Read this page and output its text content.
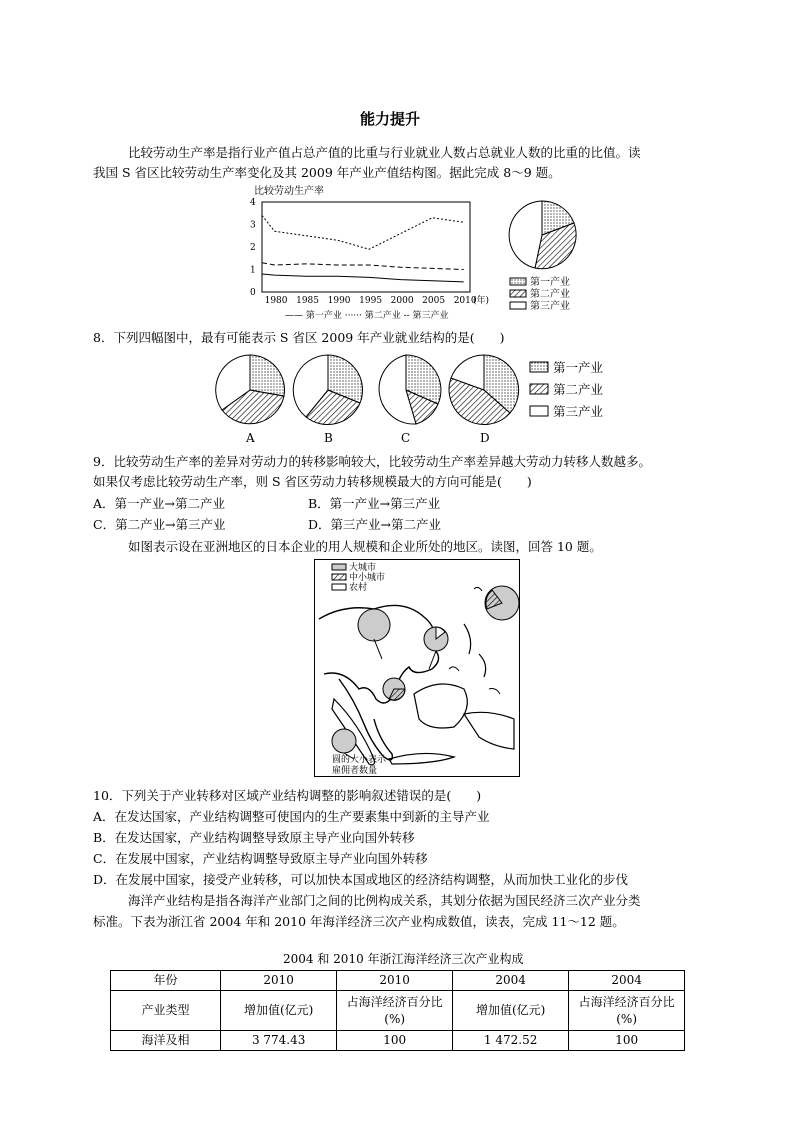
能力提升
比较劳动生产率是指行业产值占总产值的比重与行业就业人数占总就业人数的比重的比值。读
我国 S 省区比较劳动生产率变化及其 2009 年产业产值结构图。据此完成 8～9 题。
比较劳动生产率
4
3
2
1
0
1980 1985 1990 1995 2000 2005 2010
(年)
—— 第一产业 ······ 第二产业 -- 第三产业
第一产业
第二产业
第三产业
8．下列四幅图中，最有可能表示 S 省区 2009 年产业就业结构的是(　　)
A	B	C	D
第一产业
第二产业
第三产业
9．比较劳动生产率的差异对劳动力的转移影响较大，比较劳动生产率差异越大劳动力转移人数越多。
如果仅考虑比较劳动生产率，则 S 省区劳动力转移规模最大的方向可能是(　　)
A．第一产业→第二产业	B．第一产业→第三产业
C．第二产业→第三产业	D．第三产业→第二产业
如图表示设在亚洲地区的日本企业的用人规模和企业所处的地区。读图，回答 10 题。
大城市
中小城市
农村
圆的大小表示
雇佣者数量
10．下列关于产业转移对区域产业结构调整的影响叙述错误的是(　　)
A．在发达国家，产业结构调整可使国内的生产要素集中到新的主导产业
B．在发达国家，产业结构调整导致原主导产业向国外转移
C．在发展中国家，产业结构调整导致原主导产业向国外转移
D．在发展中国家，接受产业转移，可以加快本国或地区的经济结构调整，从而加快工业化的步伐
海洋产业结构是指各海洋产业部门之间的比例构成关系，其划分依据为国民经济三次产业分类
标准。下表为浙江省 2004 年和 2010 年海洋经济三次产业构成数值，读表，完成 11～12 题。
2004 和 2010 年浙江海洋经济三次产业构成
年份	2010	2010	2004	2004
产业类型	增加值(亿元)	占海洋经济百分比(%)	增加值(亿元)	占海洋经济百分比(%)
海洋及相	3 774.43	100	1 472.52	100
